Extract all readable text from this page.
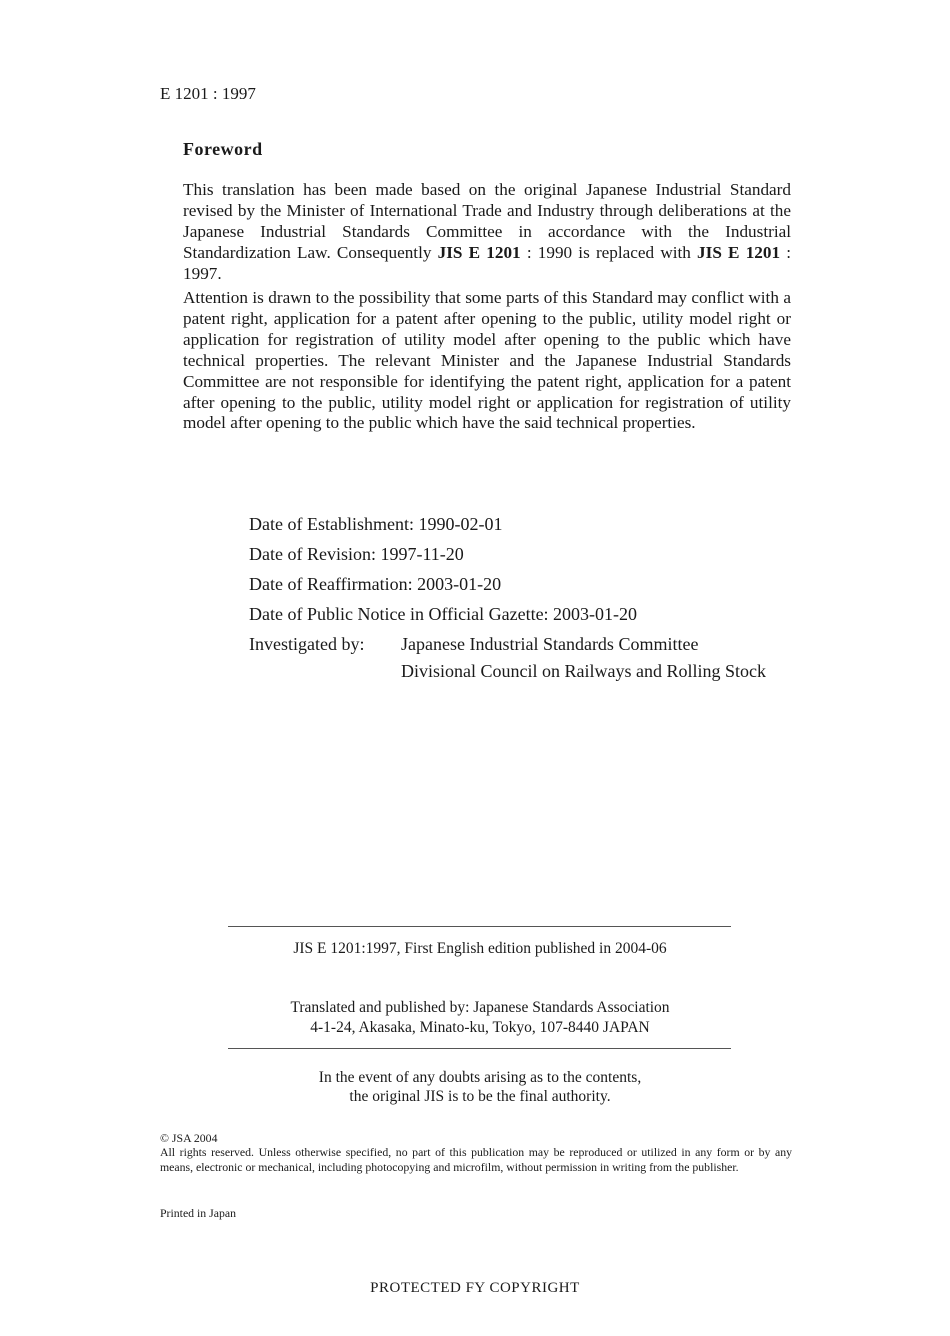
E 1201 : 1997
Foreword
This translation has been made based on the original Japanese Industrial Standard revised by the Minister of International Trade and Industry through deliberations at the Japanese Industrial Standards Committee in accordance with the Industrial Standardization Law. Consequently JIS E 1201 : 1990 is replaced with JIS E 1201 : 1997.
Attention is drawn to the possibility that some parts of this Standard may conflict with a patent right, application for a patent after opening to the public, utility model right or application for registration of utility model after opening to the public which have technical properties. The relevant Minister and the Japanese Industrial Standards Committee are not responsible for identifying the patent right, application for a patent after opening to the public, utility model right or application for registration of utility model after opening to the public which have the said technical properties.
Date of Establishment: 1990-02-01
Date of Revision: 1997-11-20
Date of Reaffirmation: 2003-01-20
Date of Public Notice in Official Gazette: 2003-01-20
Investigated by:	Japanese Industrial Standards Committee
Divisional Council on Railways and Rolling Stock
JIS E 1201:1997, First English edition published in 2004-06
Translated and published by: Japanese Standards Association
4-1-24, Akasaka, Minato-ku, Tokyo, 107-8440 JAPAN
In the event of any doubts arising as to the contents,
the original JIS is to be the final authority.
© JSA 2004
All rights reserved. Unless otherwise specified, no part of this publication may be reproduced or utilized in any form or by any means, electronic or mechanical, including photocopying and microfilm, without permission in writing from the publisher.
Printed in Japan
PROTECTED FY COPYRIGHT
